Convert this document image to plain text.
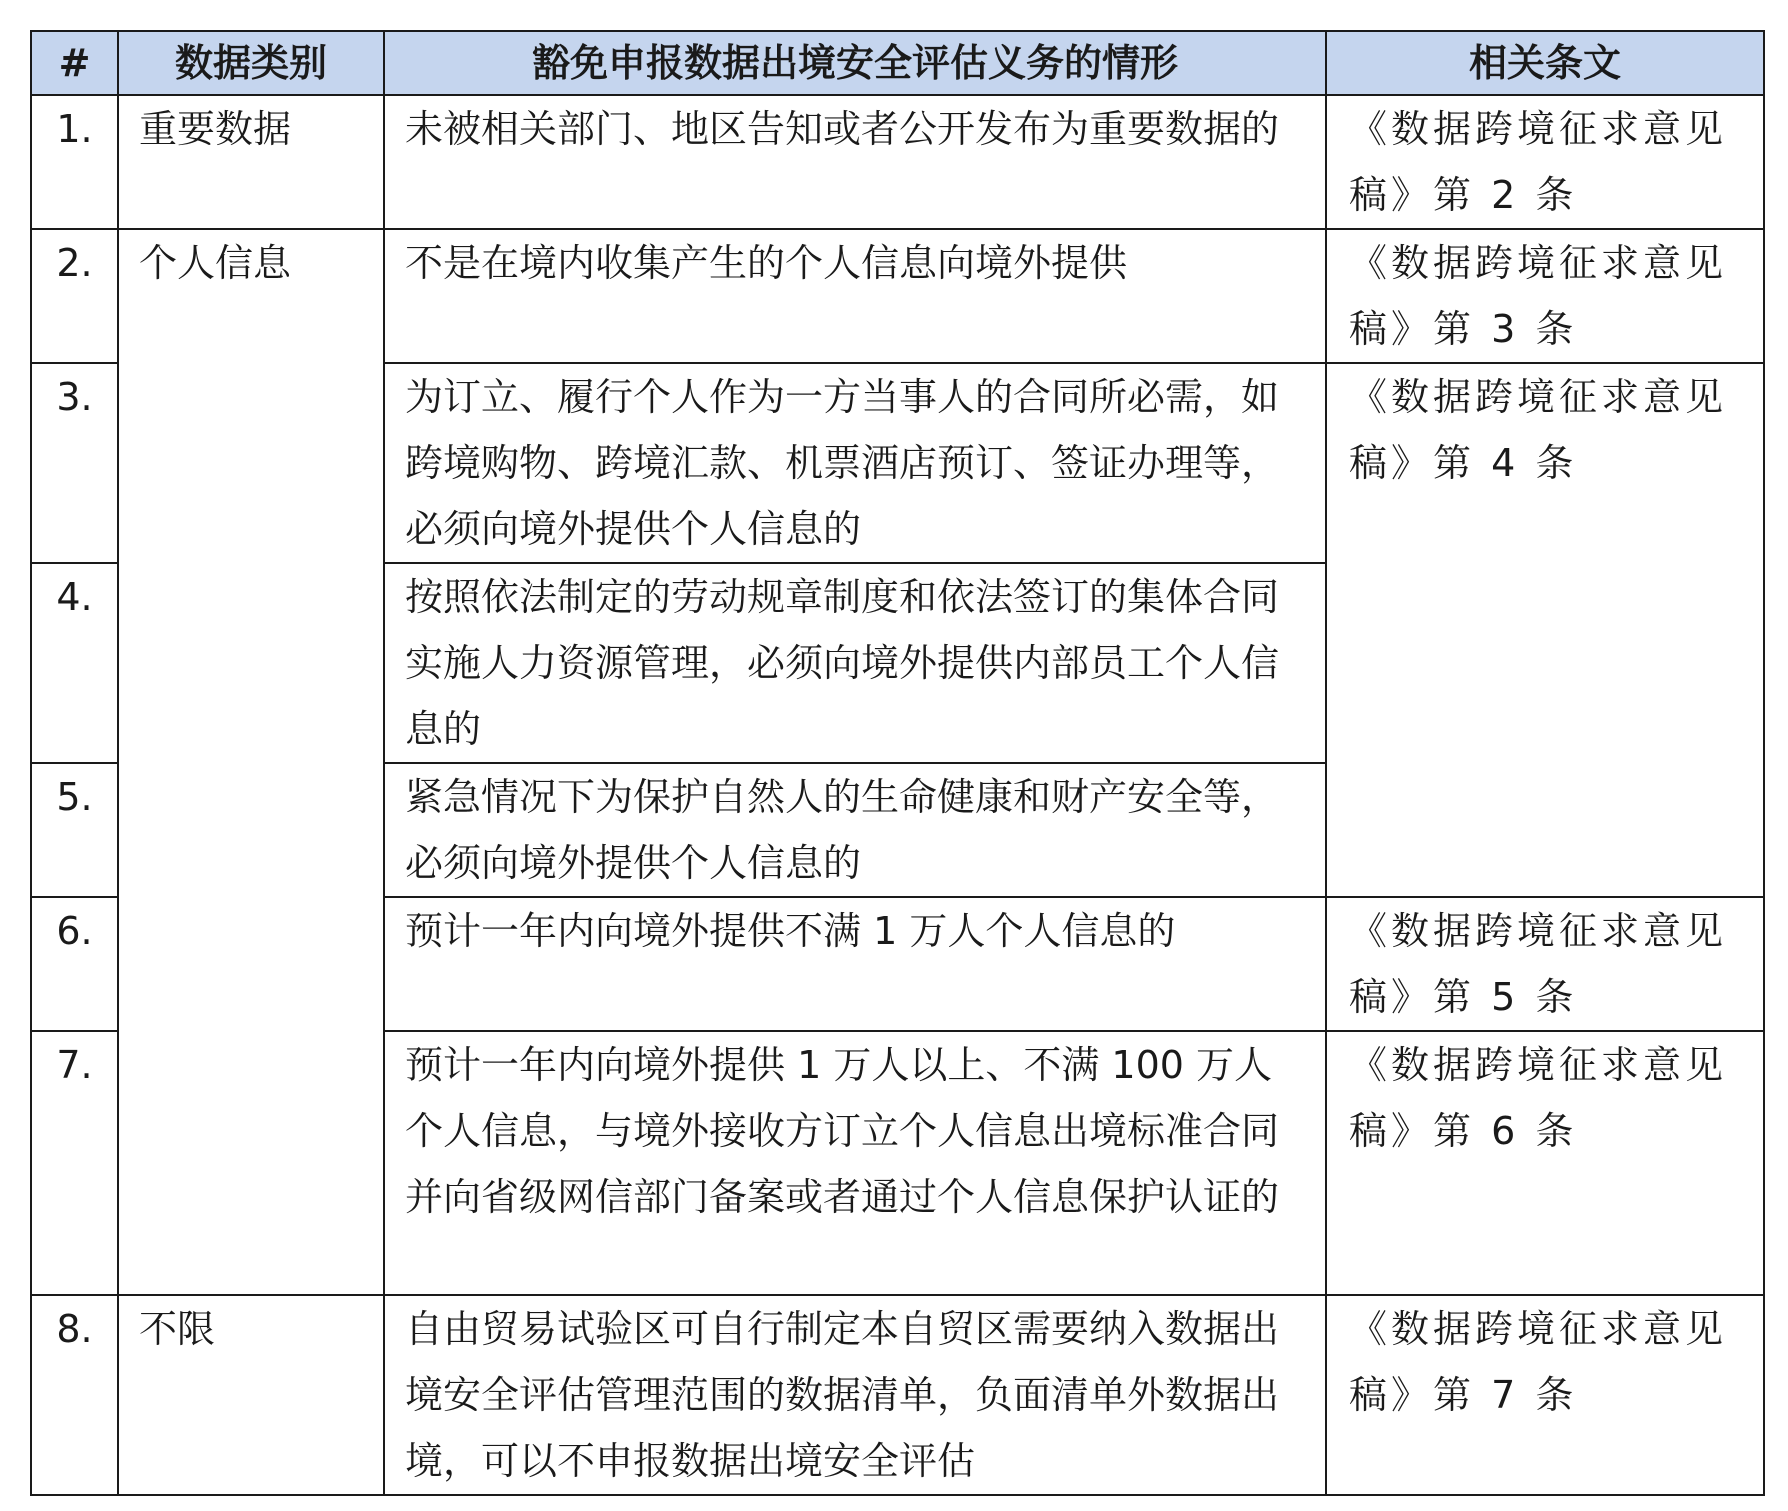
#	数据类别	豁免申报数据出境安全评估义务的情形	相关条文
1.	重要数据	未被相关部门、地区告知或者公开发布为重要数据的	《数据跨境征求意见稿》第 2 条
2.	个人信息	不是在境内收集产生的个人信息向境外提供	《数据跨境征求意见稿》第 3 条
3.		为订立、履行个人作为一方当事人的合同所必需，如跨境购物、跨境汇款、机票酒店预订、签证办理等，必须向境外提供个人信息的	《数据跨境征求意见稿》第 4 条
4.		按照依法制定的劳动规章制度和依法签订的集体合同实施人力资源管理，必须向境外提供内部员工个人信息的	
5.		紧急情况下为保护自然人的生命健康和财产安全等，必须向境外提供个人信息的	
6.		预计一年内向境外提供不满 1 万人个人信息的	《数据跨境征求意见稿》第 5 条
7.		预计一年内向境外提供 1 万人以上、不满 100 万人个人信息，与境外接收方订立个人信息出境标准合同并向省级网信部门备案或者通过个人信息保护认证的	《数据跨境征求意见稿》第 6 条
8.	不限	自由贸易试验区可自行制定本自贸区需要纳入数据出境安全评估管理范围的数据清单，负面清单外数据出境，可以不申报数据出境安全评估	《数据跨境征求意见稿》第 7 条
